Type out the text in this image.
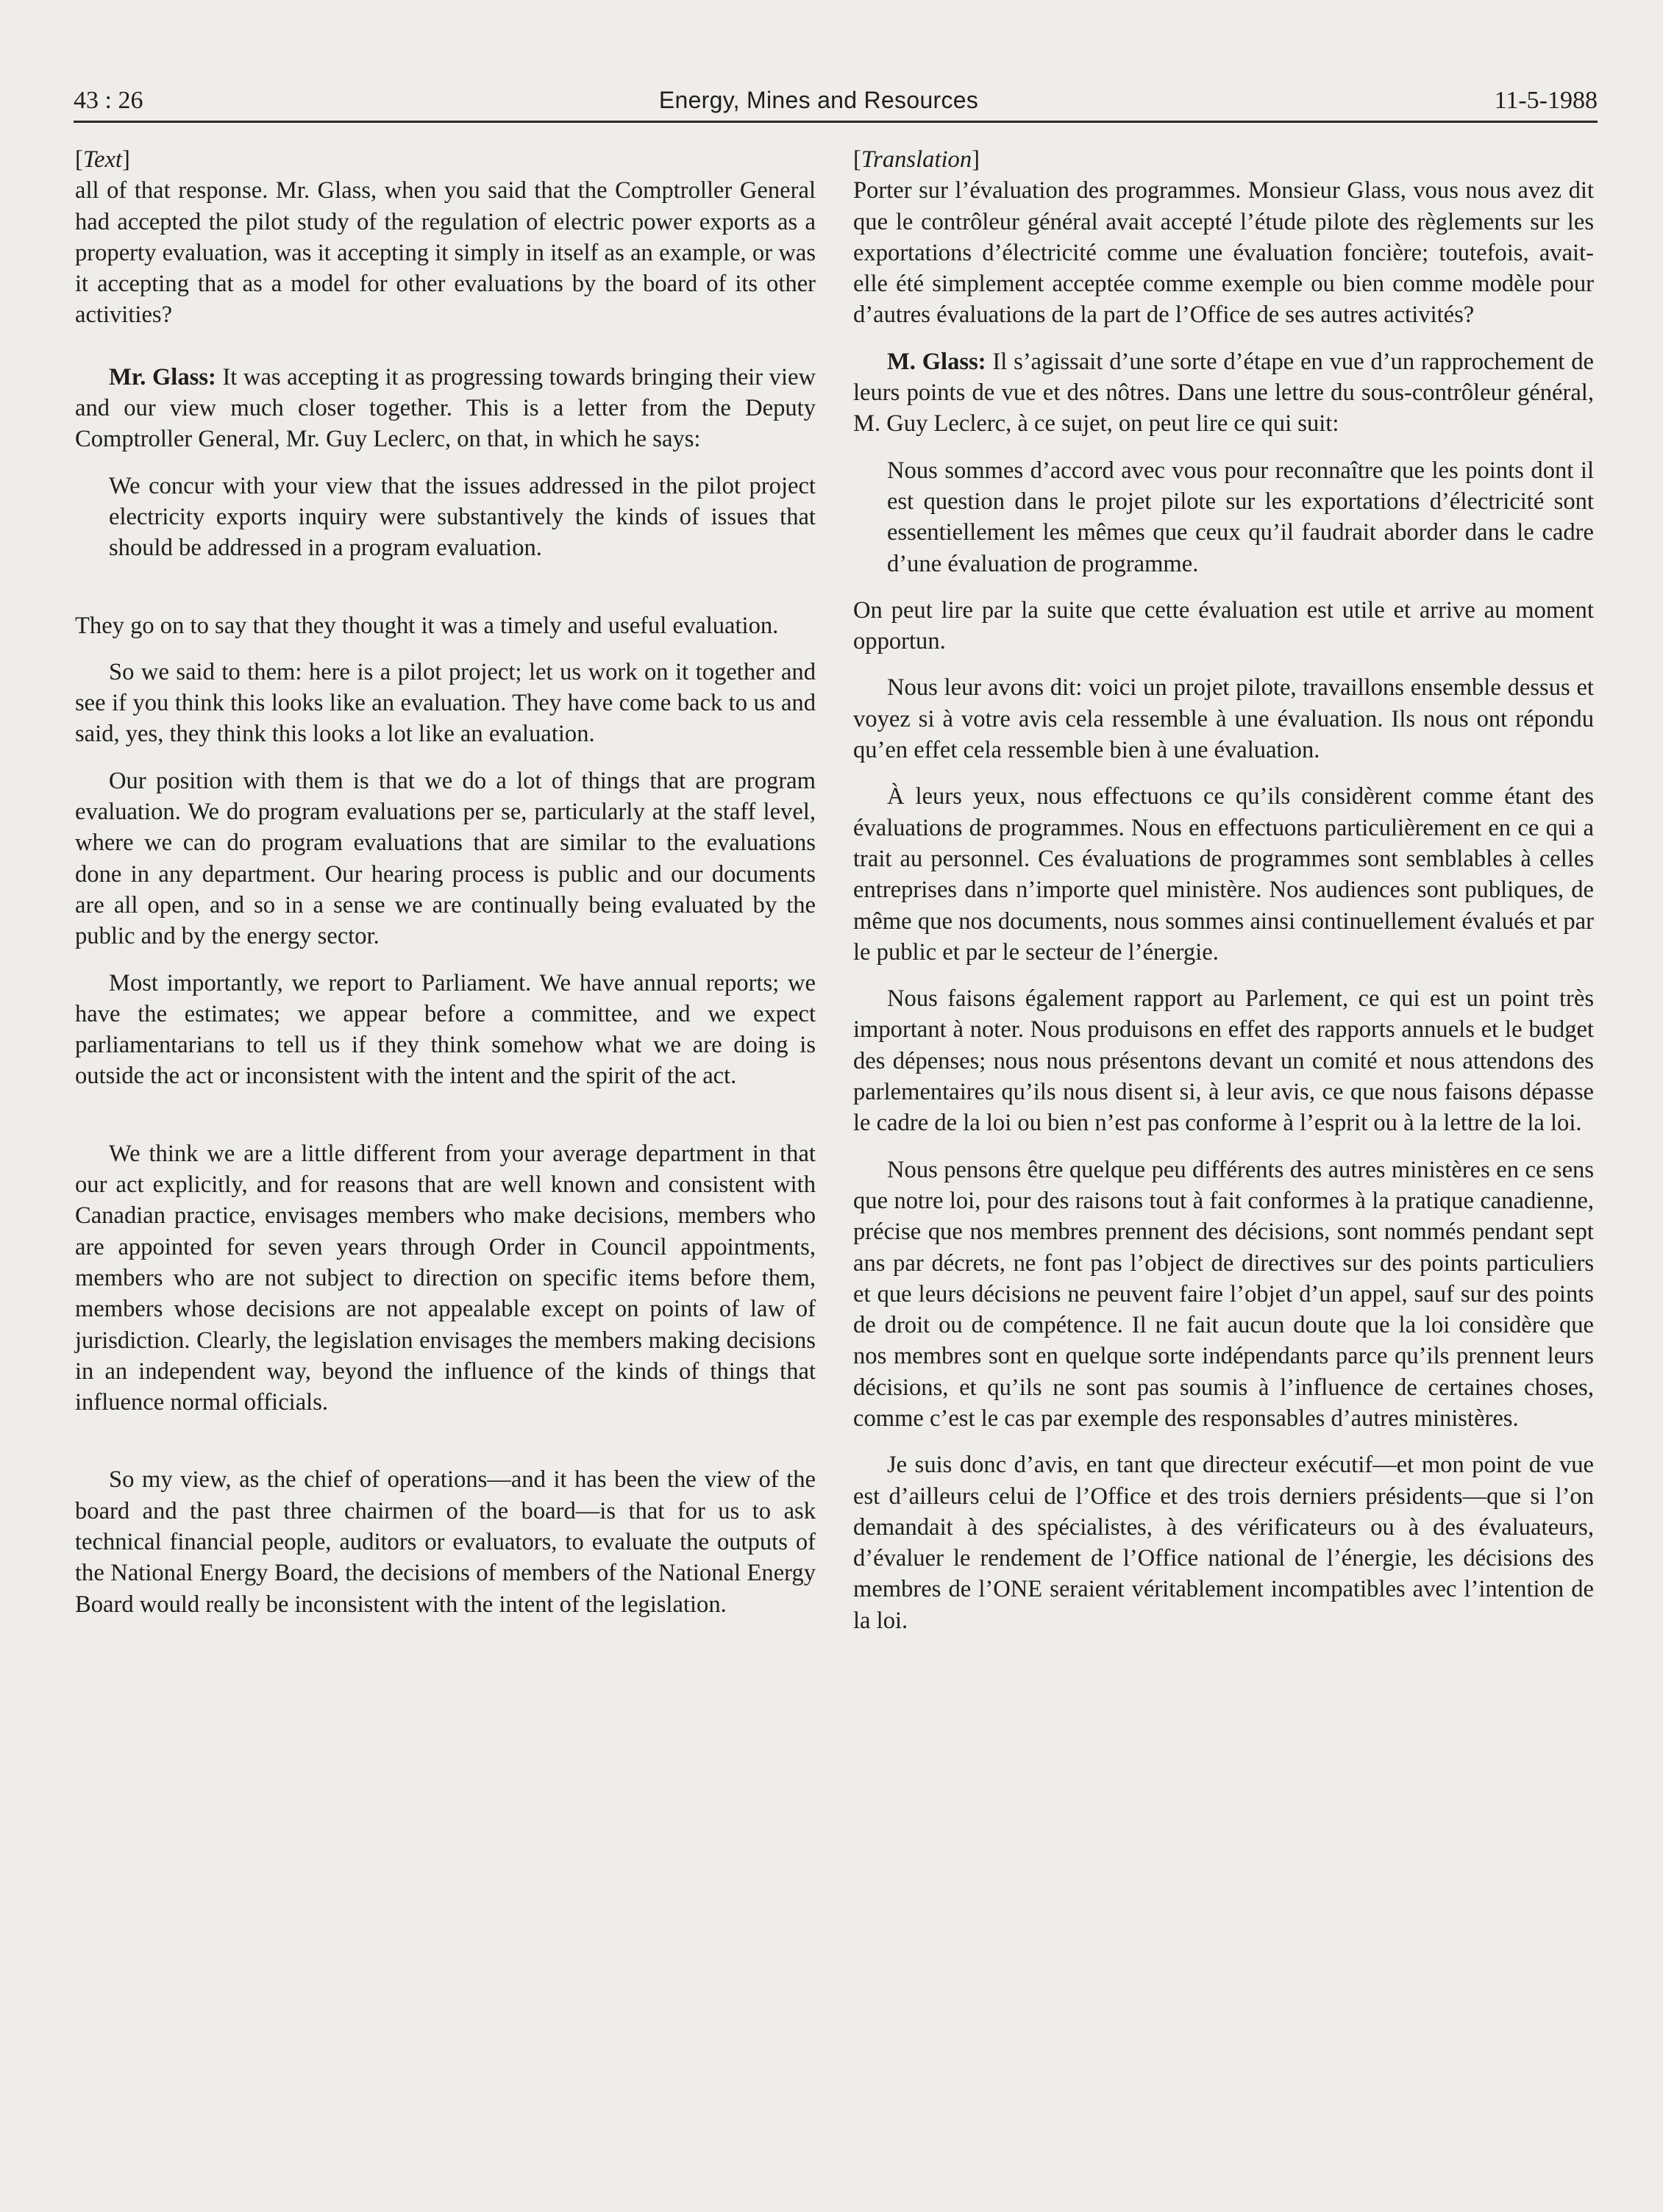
43 : 26	Energy, Mines and Resources	11-5-1988

[Text]

all of that response. Mr. Glass, when you said that the Comptroller General had accepted the pilot study of the regulation of electric power exports as a property evaluation, was it accepting it simply in itself as an example, or was it accepting that as a model for other evaluations by the board of its other activities?

Mr. Glass: It was accepting it as progressing towards bringing their view and our view much closer together. This is a letter from the Deputy Comptroller General, Mr. Guy Leclerc, on that, in which he says:

We concur with your view that the issues addressed in the pilot project electricity exports inquiry were substantively the kinds of issues that should be addressed in a program evaluation.

They go on to say that they thought it was a timely and useful evaluation.

So we said to them: here is a pilot project; let us work on it together and see if you think this looks like an evaluation. They have come back to us and said, yes, they think this looks a lot like an evaluation.

Our position with them is that we do a lot of things that are program evaluation. We do program evaluations per se, particularly at the staff level, where we can do program evaluations that are similar to the evaluations done in any department. Our hearing process is public and our documents are all open, and so in a sense we are continually being evaluated by the public and by the energy sector.

Most importantly, we report to Parliament. We have annual reports; we have the estimates; we appear before a committee, and we expect parliamentarians to tell us if they think somehow what we are doing is outside the act or inconsistent with the intent and the spirit of the act.

We think we are a little different from your average department in that our act explicitly, and for reasons that are well known and consistent with Canadian practice, envisages members who make decisions, members who are appointed for seven years through Order in Council appointments, members who are not subject to direction on specific items before them, members whose decisions are not appealable except on points of law of jurisdiction. Clearly, the legislation envisages the members making decisions in an independent way, beyond the influence of the kinds of things that influence normal officials.

So my view, as the chief of operations—and it has been the view of the board and the past three chairmen of the board—is that for us to ask technical financial people, auditors or evaluators, to evaluate the outputs of the National Energy Board, the decisions of members of the National Energy Board would really be inconsistent with the intent of the legislation.

[Translation]

Porter sur l’évaluation des programmes. Monsieur Glass, vous nous avez dit que le contrôleur général avait accepté l’étude pilote des règlements sur les exportations d’électricité comme une évaluation foncière; toutefois, avait-elle été simplement acceptée comme exemple ou bien comme modèle pour d’autres évaluations de la part de l’Office de ses autres activités?

M. Glass: Il s’agissait d’une sorte d’étape en vue d’un rapprochement de leurs points de vue et des nôtres. Dans une lettre du sous-contrôleur général, M. Guy Leclerc, à ce sujet, on peut lire ce qui suit:

Nous sommes d’accord avec vous pour reconnaître que les points dont il est question dans le projet pilote sur les exportations d’électricité sont essentiellement les mêmes que ceux qu’il faudrait aborder dans le cadre d’une évaluation de programme.

On peut lire par la suite que cette évaluation est utile et arrive au moment opportun.

Nous leur avons dit: voici un projet pilote, travaillons ensemble dessus et voyez si à votre avis cela ressemble à une évaluation. Ils nous ont répondu qu’en effet cela ressemble bien à une évaluation.

À leurs yeux, nous effectuons ce qu’ils considèrent comme étant des évaluations de programmes. Nous en effectuons particulièrement en ce qui a trait au personnel. Ces évaluations de programmes sont semblables à celles entreprises dans n’importe quel ministère. Nos audiences sont publiques, de même que nos documents, nous sommes ainsi continuellement évalués et par le public et par le secteur de l’énergie.

Nous faisons également rapport au Parlement, ce qui est un point très important à noter. Nous produisons en effet des rapports annuels et le budget des dépenses; nous nous présentons devant un comité et nous attendons des parlementaires qu’ils nous disent si, à leur avis, ce que nous faisons dépasse le cadre de la loi ou bien n’est pas conforme à l’esprit ou à la lettre de la loi.

Nous pensons être quelque peu différents des autres ministères en ce sens que notre loi, pour des raisons tout à fait conformes à la pratique canadienne, précise que nos membres prennent des décisions, sont nommés pendant sept ans par décrets, ne font pas l’object de directives sur des points particuliers et que leurs décisions ne peuvent faire l’objet d’un appel, sauf sur des points de droit ou de compétence. Il ne fait aucun doute que la loi considère que nos membres sont en quelque sorte indépendants parce qu’ils prennent leurs décisions, et qu’ils ne sont pas soumis à l’influence de certaines choses, comme c’est le cas par exemple des responsables d’autres ministères.

Je suis donc d’avis, en tant que directeur exécutif—et mon point de vue est d’ailleurs celui de l’Office et des trois derniers présidents—que si l’on demandait à des spécialistes, à des vérificateurs ou à des évaluateurs, d’évaluer le rendement de l’Office national de l’énergie, les décisions des membres de l’ONE seraient véritablement incompatibles avec l’intention de la loi.
